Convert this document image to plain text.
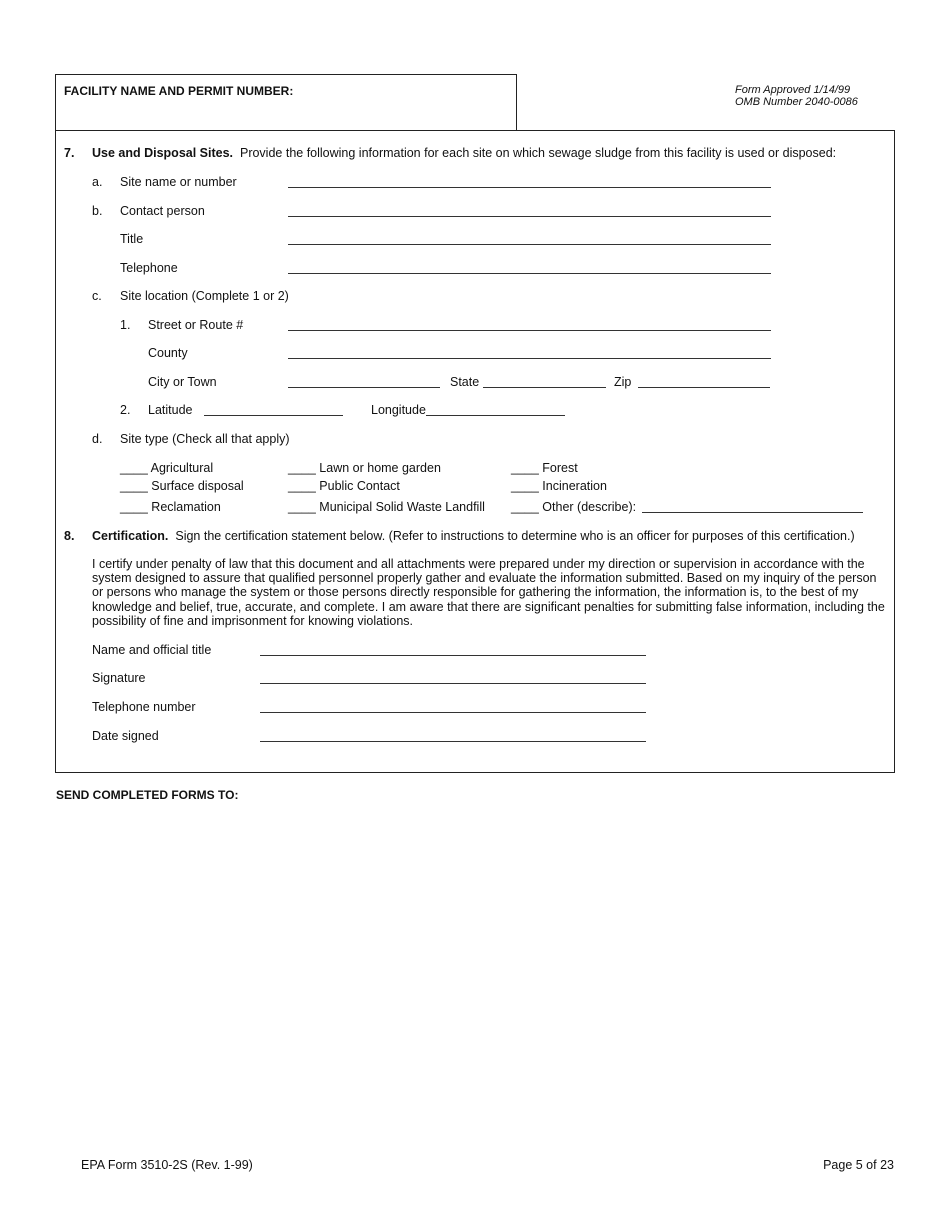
FACILITY NAME AND PERMIT NUMBER:	Form Approved 1/14/99
OMB Number 2040-0086
7. Use and Disposal Sites. Provide the following information for each site on which sewage sludge from this facility is used or disposed:
a. Site name or number
b. Contact person
Title
Telephone
c. Site location (Complete 1 or 2)
1. Street or Route #
County
City or Town	State	Zip
2. Latitude	Longitude
d. Site type (Check all that apply)
____ Agricultural	____ Lawn or home garden	____ Forest
____ Surface disposal	____ Public Contact	____ Incineration
____ Reclamation	____ Municipal Solid Waste Landfill ____ Other (describe):
8. Certification. Sign the certification statement below. (Refer to instructions to determine who is an officer for purposes of this certification.)
I certify under penalty of law that this document and all attachments were prepared under my direction or supervision in accordance with the system designed to assure that qualified personnel properly gather and evaluate the information submitted. Based on my inquiry of the person or persons who manage the system or those persons directly responsible for gathering the information, the information is, to the best of my knowledge and belief, true, accurate, and complete. I am aware that there are significant penalties for submitting false information, including the possibility of fine and imprisonment for knowing violations.
Name and official title
Signature
Telephone number
Date signed
SEND COMPLETED FORMS TO:
EPA Form 3510-2S (Rev. 1-99)	Page 5 of 23
